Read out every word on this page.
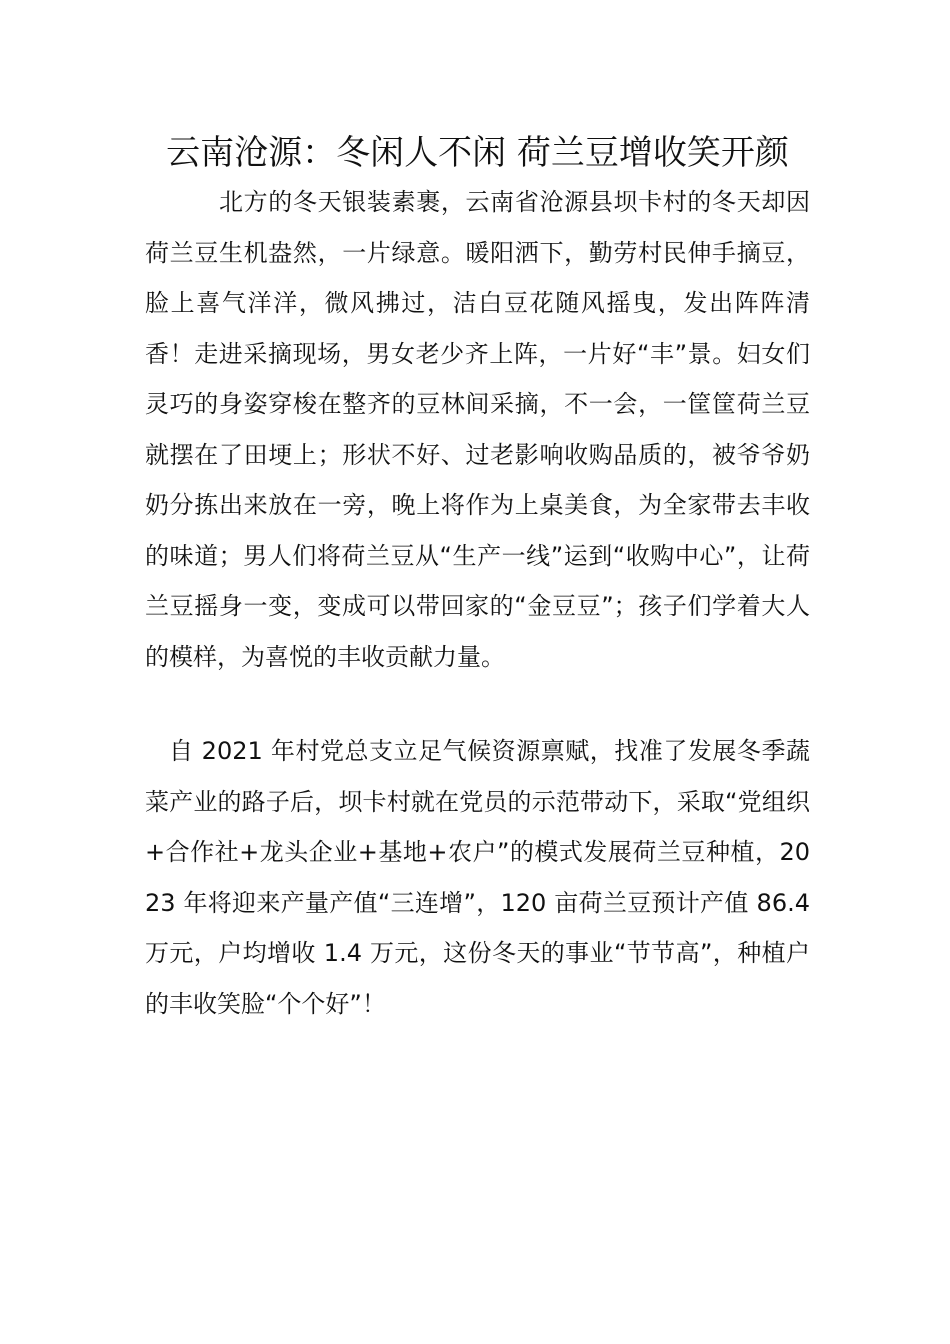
云南沧源：冬闲人不闲 荷兰豆增收笑开颜

北方的冬天银装素裹，云南省沧源县坝卡村的冬天却因荷兰豆生机盎然，一片绿意。暖阳洒下，勤劳村民伸手摘豆，脸上喜气洋洋，微风拂过，洁白豆花随风摇曳，发出阵阵清香！走进采摘现场，男女老少齐上阵，一片好“丰”景。妇女们灵巧的身姿穿梭在整齐的豆林间采摘，不一会，一筐筐荷兰豆就摆在了田埂上；形状不好、过老影响收购品质的，被爷爷奶奶分拣出来放在一旁，晚上将作为上桌美食，为全家带去丰收的味道；男人们将荷兰豆从“生产一线”运到“收购中心”，让荷兰豆摇身一变，变成可以带回家的“金豆豆”；孩子们学着大人的模样，为喜悦的丰收贡献力量。

自 2021 年村党总支立足气候资源禀赋，找准了发展冬季蔬菜产业的路子后，坝卡村就在党员的示范带动下，采取“党组织+合作社+龙头企业+基地+农户”的模式发展荷兰豆种植，2023 年将迎来产量产值“三连增”，120 亩荷兰豆预计产值 86.4 万元，户均增收 1.4 万元，这份冬天的事业“节节高”，种植户的丰收笑脸“个个好”！
